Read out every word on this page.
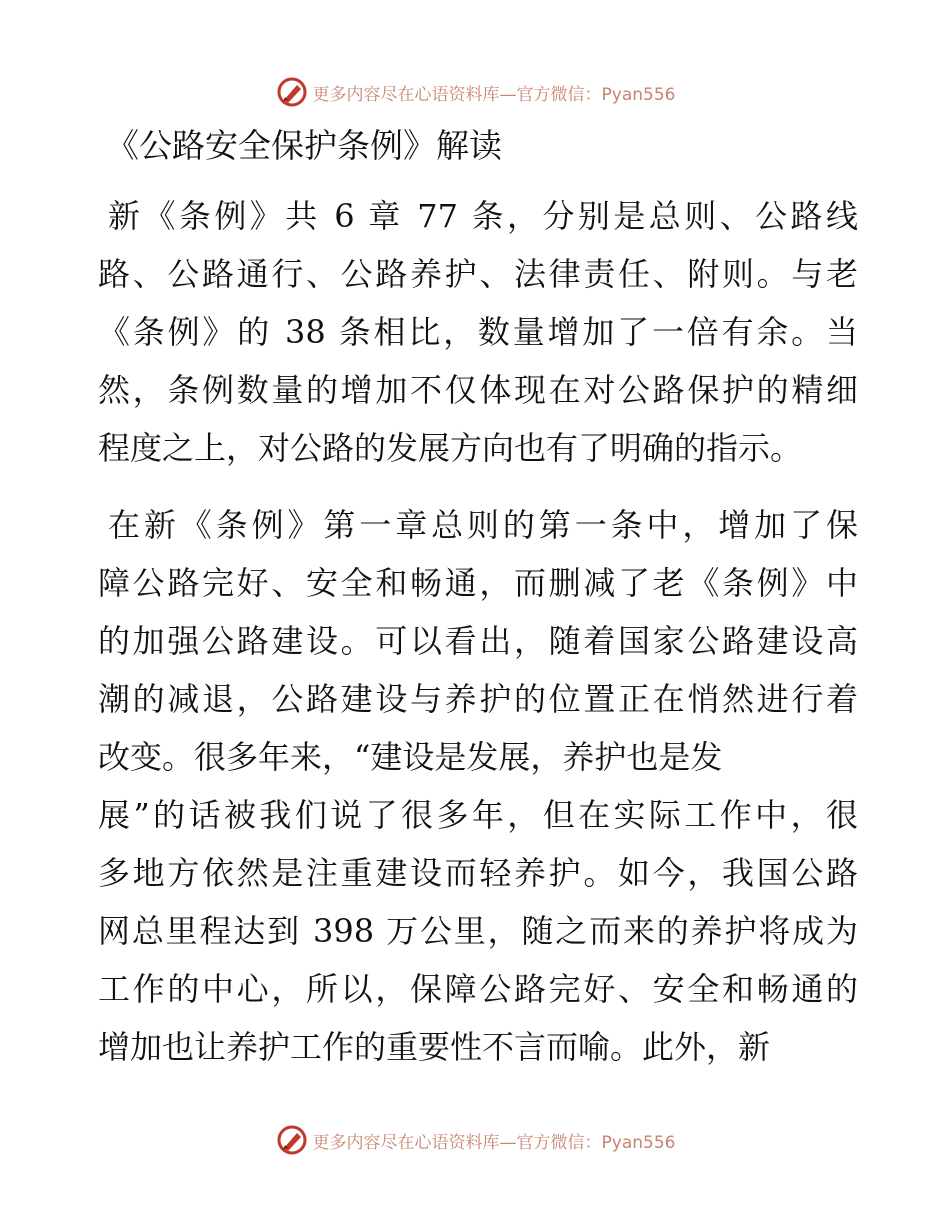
更多内容尽在心语资料库—官方微信：Pyan556
《公路安全保护条例》解读
新《条例》共 6 章 77 条，分别是总则、公路线
路、公路通行、公路养护、法律责任、附则。与老
《条例》的 38 条相比，数量增加了一倍有余。当
然，条例数量的增加不仅体现在对公路保护的精细
程度之上，对公路的发展方向也有了明确的指示。
在新《条例》第一章总则的第一条中，增加了保
障公路完好、安全和畅通，而删减了老《条例》中
的加强公路建设。可以看出，随着国家公路建设高
潮的减退，公路建设与养护的位置正在悄然进行着
改变。很多年来，“建设是发展，养护也是发
展”的话被我们说了很多年，但在实际工作中，很
多地方依然是注重建设而轻养护。如今，我国公路
网总里程达到 398 万公里，随之而来的养护将成为
工作的中心，所以，保障公路完好、安全和畅通的
增加也让养护工作的重要性不言而喻。此外，新
更多内容尽在心语资料库—官方微信：Pyan556
